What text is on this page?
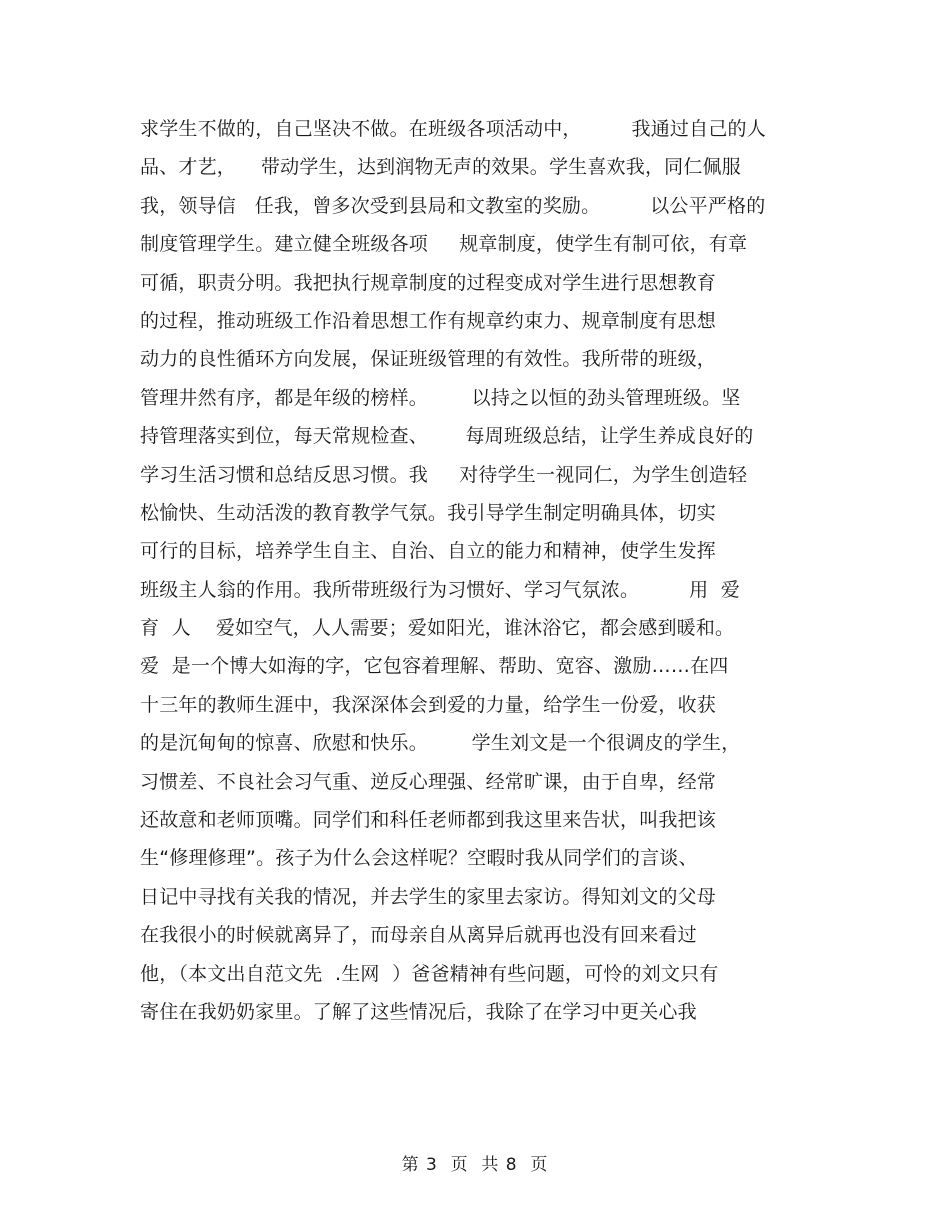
求学生不做的，自己坚决不做。在班级各项活动中，        我通过自己的人
品、才艺，    带动学生，达到润物无声的效果。学生喜欢我，同仁佩服
我，领导信   任我，曾多次受到县局和文教室的奖励。        以公平严格的
制度管理学生。建立健全班级各项     规章制度，使学生有制可依，有章
可循，职责分明。我把执行规章制度的过程变成对学生进行思想教育
的过程，推动班级工作沿着思想工作有规章约束力、规章制度有思想
动力的良性循环方向发展，保证班级管理的有效性。我所带的班级，
管理井然有序，都是年级的榜样。       以持之以恒的劲头管理班级。坚
持管理落实到位，每天常规检查、      每周班级总结，让学生养成良好的
学习生活习惯和总结反思习惯。我     对待学生一视同仁，为学生创造轻
松愉快、生动活泼的教育教学气氛。我引导学生制定明确具体，切实
可行的目标，培养学生自主、自治、自立的能力和精神，使学生发挥
班级主人翁的作用。我所带班级行为习惯好、学习气氛浓。        用  爱
育  人    爱如空气，人人需要；爱如阳光，谁沐浴它，都会感到暖和。
爱  是一个博大如海的字，它包容着理解、帮助、宽容、激励……在四
十三年的教师生涯中，我深深体会到爱的力量，给学生一份爱，收获
的是沉甸甸的惊喜、欣慰和快乐。       学生刘文是一个很调皮的学生，
习惯差、不良社会习气重、逆反心理强、经常旷课，由于自卑，经常
还故意和老师顶嘴。同学们和科任老师都到我这里来告状，叫我把该
生“修理修理”。孩子为什么会这样呢？空暇时我从同学们的言谈、
日记中寻找有关我的情况，并去学生的家里去家访。得知刘文的父母
在我很小的时候就离异了，而母亲自从离异后就再也没有回来看过
他，（本文出自范文先  .生网  ）爸爸精神有些问题，可怜的刘文只有
寄住在我奶奶家里。了解了这些情况后，我除了在学习中更关心我
第 3  页  共 8  页
